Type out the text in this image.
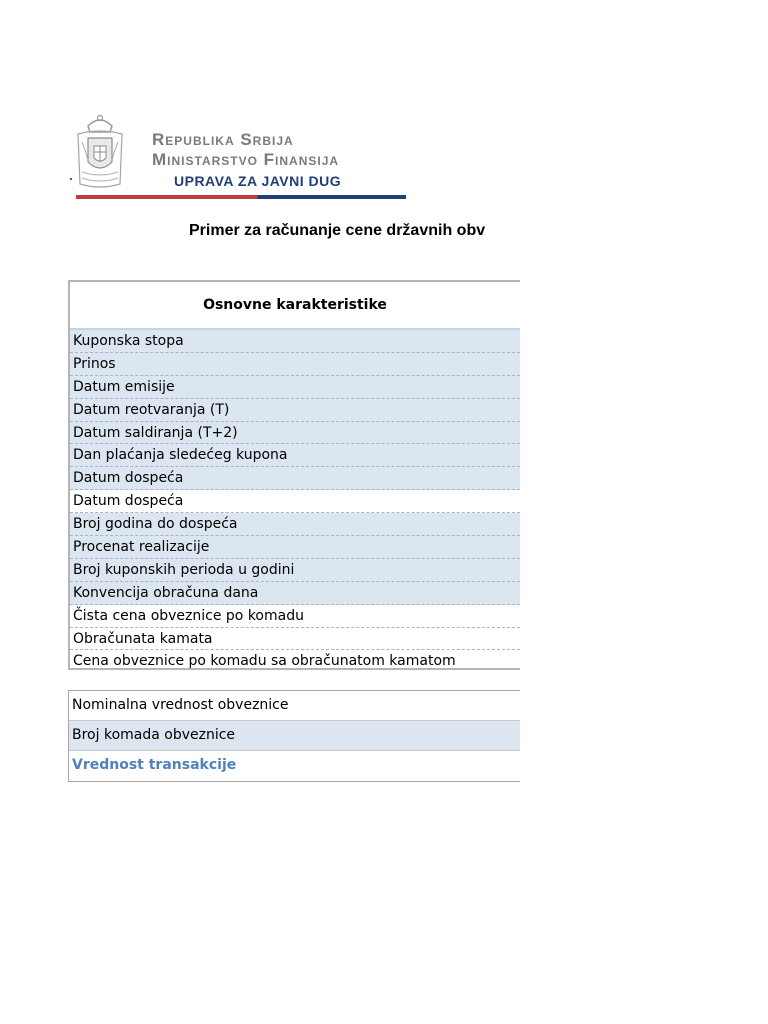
Republika Srbija
Ministarstvo Finansija
UPRAVA ZA JAVNI DUG
Primer za računanje cene državnih obv
Osnovne karakteristike
Kuponska stopa
Prinos
Datum emisije
Datum reotvaranja (T)
Datum saldiranja (T+2)
Dan plaćanja sledećeg kupona
Datum dospeća
Datum dospeća
Broj godina do dospeća
Procenat realizacije
Broj kuponskih perioda u godini
Konvencija obračuna dana
Čista cena obveznice po komadu
Obračunata kamata
Cena obveznice po komadu sa obračunatom kamatom
Nominalna vrednost obveznice
Broj komada obveznice
Vrednost transakcije
